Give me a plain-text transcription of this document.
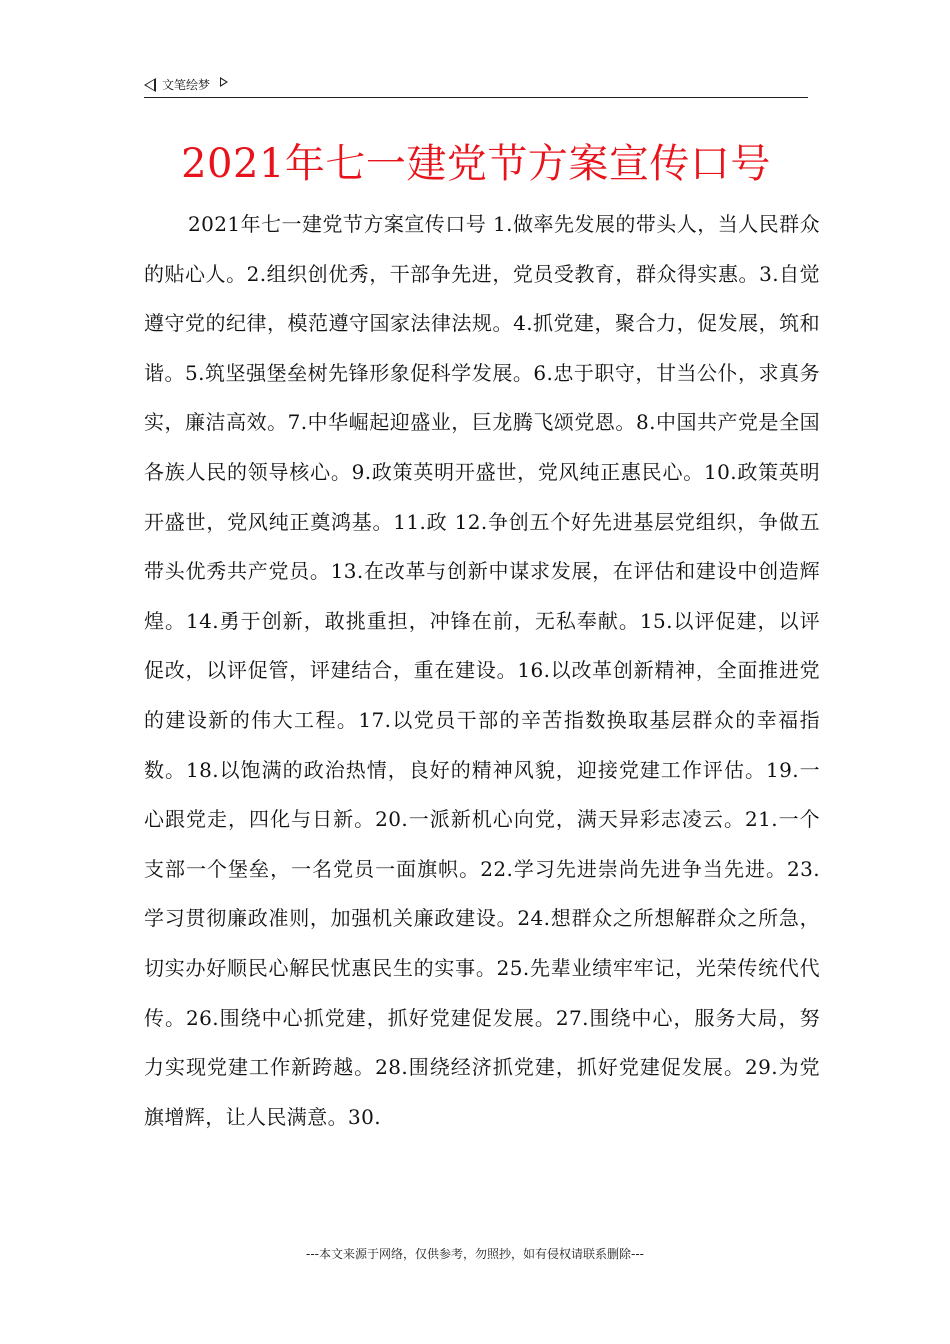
文笔绘梦
2021年七一建党节方案宣传口号
2021年七一建党节方案宣传口号 1.做率先发展的带头人，当人民群众的贴心人。2.组织创优秀，干部争先进，党员受教育，群众得实惠。3.自觉遵守党的纪律，模范遵守国家法律法规。4.抓党建，聚合力，促发展，筑和谐。5.筑坚强堡垒树先锋形象促科学发展。6.忠于职守，甘当公仆，求真务实，廉洁高效。7.中华崛起迎盛业，巨龙腾飞颂党恩。8.中国共产党是全国各族人民的领导核心。9.政策英明开盛世，党风纯正惠民心。10.政策英明开盛世，党风纯正奠鸿基。11.政 12.争创五个好先进基层党组织，争做五带头优秀共产党员。13.在改革与创新中谋求发展，在评估和建设中创造辉煌。14.勇于创新，敢挑重担，冲锋在前，无私奉献。15.以评促建，以评促改，以评促管，评建结合，重在建设。16.以改革创新精神，全面推进党的建设新的伟大工程。17.以党员干部的辛苦指数换取基层群众的幸福指数。18.以饱满的政治热情，良好的精神风貌，迎接党建工作评估。19.一心跟党走，四化与日新。20.一派新机心向党，满天异彩志凌云。21.一个支部一个堡垒，一名党员一面旗帜。22.学习先进崇尚先进争当先进。23.学习贯彻廉政准则，加强机关廉政建设。24.想群众之所想解群众之所急，切实办好顺民心解民忧惠民生的实事。25.先辈业绩牢牢记，光荣传统代代传。26.围绕中心抓党建，抓好党建促发展。27.围绕中心，服务大局，努力实现党建工作新跨越。28.围绕经济抓党建，抓好党建促发展。29.为党旗增辉，让人民满意。30.
---本文来源于网络，仅供参考，勿照抄，如有侵权请联系删除---
